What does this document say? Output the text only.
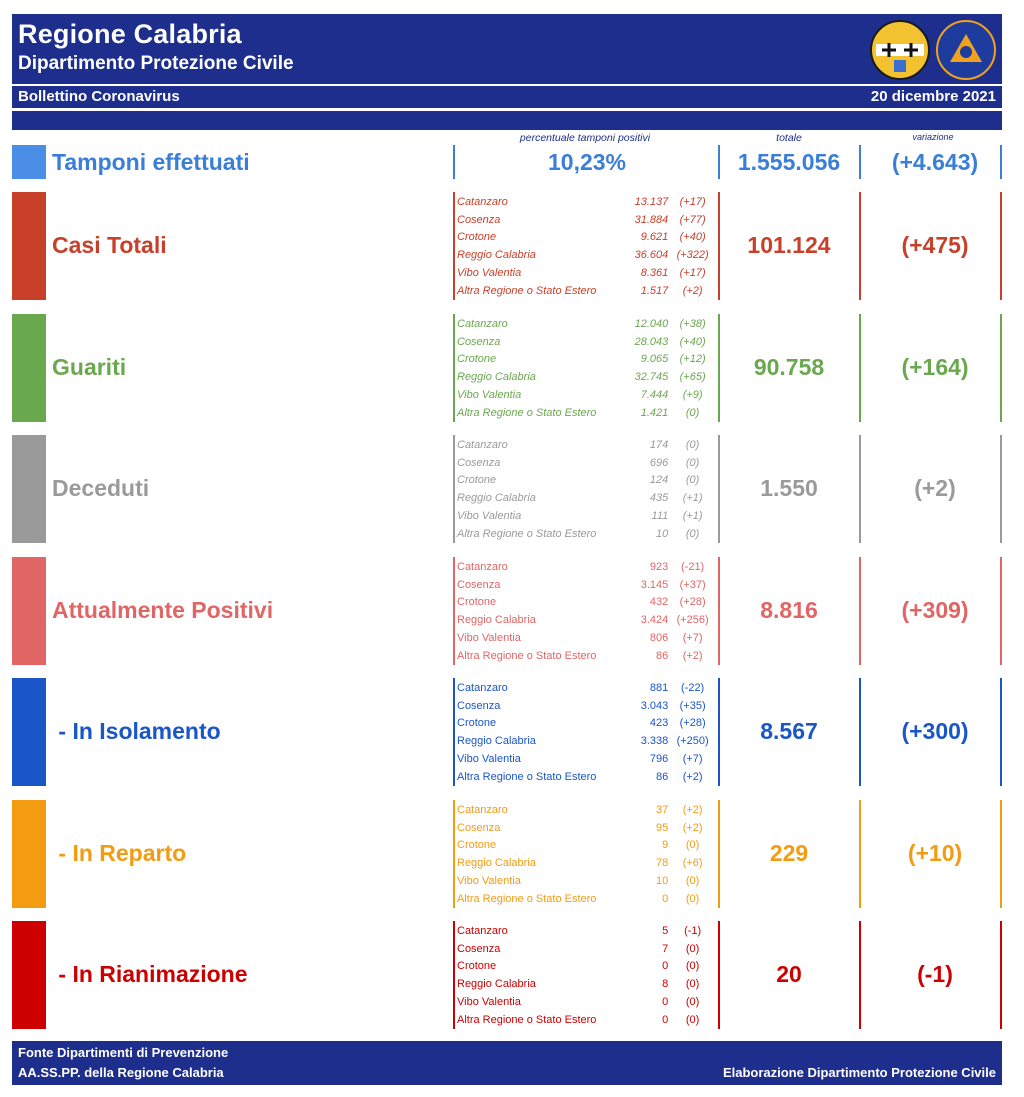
Regione Calabria
Dipartimento Protezione Civile
Bollettino Coronavirus	20 dicembre 2021
percentuale tamponi positivi	totale	variazione
Tamponi effettuati	10,23%	1.555.056	(+4.643)
Casi Totali
Catanzaro	13.137	(+17)
Cosenza	31.884	(+77)
Crotone	9.621	(+40)
Reggio Calabria	36.604	(+322)
Vibo Valentia	8.361	(+17)
Altra Regione o Stato Estero	1.517	(+2)
101.124	(+475)
Guariti
Catanzaro	12.040	(+38)
Cosenza	28.043	(+40)
Crotone	9.065	(+12)
Reggio Calabria	32.745	(+65)
Vibo Valentia	7.444	(+9)
Altra Regione o Stato Estero	1.421	(0)
90.758	(+164)
Deceduti
Catanzaro	174	(0)
Cosenza	696	(0)
Crotone	124	(0)
Reggio Calabria	435	(+1)
Vibo Valentia	111	(+1)
Altra Regione o Stato Estero	10	(0)
1.550	(+2)
Attualmente Positivi
Catanzaro	923	(-21)
Cosenza	3.145	(+37)
Crotone	432	(+28)
Reggio Calabria	3.424	(+256)
Vibo Valentia	806	(+7)
Altra Regione o Stato Estero	86	(+2)
8.816	(+309)
- In Isolamento
Catanzaro	881	(-22)
Cosenza	3.043	(+35)
Crotone	423	(+28)
Reggio Calabria	3.338	(+250)
Vibo Valentia	796	(+7)
Altra Regione o Stato Estero	86	(+2)
8.567	(+300)
- In Reparto
Catanzaro	37	(+2)
Cosenza	95	(+2)
Crotone	9	(0)
Reggio Calabria	78	(+6)
Vibo Valentia	10	(0)
Altra Regione o Stato Estero	0	(0)
229	(+10)
- In Rianimazione
Catanzaro	5	(-1)
Cosenza	7	(0)
Crotone	0	(0)
Reggio Calabria	8	(0)
Vibo Valentia	0	(0)
Altra Regione o Stato Estero	0	(0)
20	(-1)
Fonte Dipartimenti di Prevenzione
AA.SS.PP. della Regione Calabria	Elaborazione Dipartimento Protezione Civile
